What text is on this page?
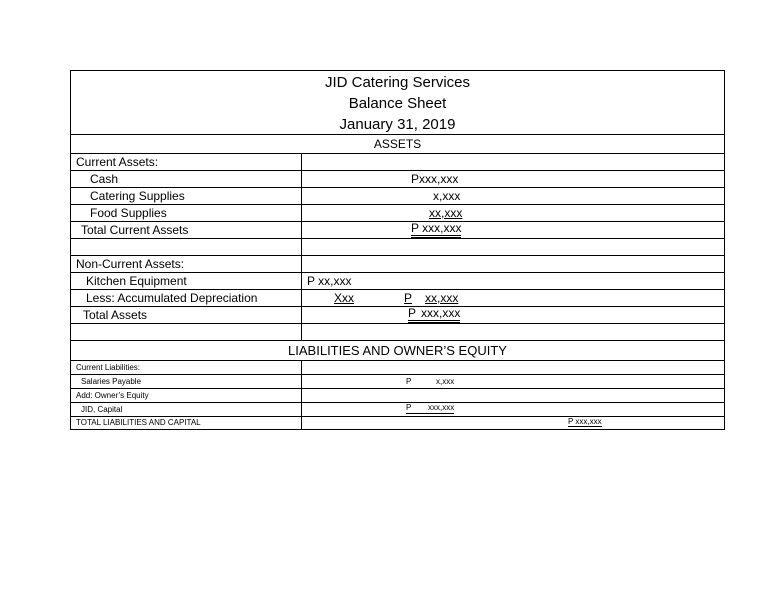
JID Catering Services
Balance Sheet
January 31, 2019
ASSETS
Current Assets:
Cash	Pxxx,xxx
Catering Supplies	x,xxx
Food Supplies	xx,xxx
Total Current Assets	P xxx,xxx
Non-Current Assets:
Kitchen Equipment	P xx,xxx
Less: Accumulated Depreciation	Xxx	P xx,xxx
Total Assets	P xxx,xxx
LIABILITIES AND OWNER’S EQUITY
Current Liabilities:
Salaries Payable	P	x,xxx
Add: Owner’s Equity
JID, Capital	P	xxx,xxx
TOTAL LIABILITIES AND CAPITAL	P xxx,xxx
